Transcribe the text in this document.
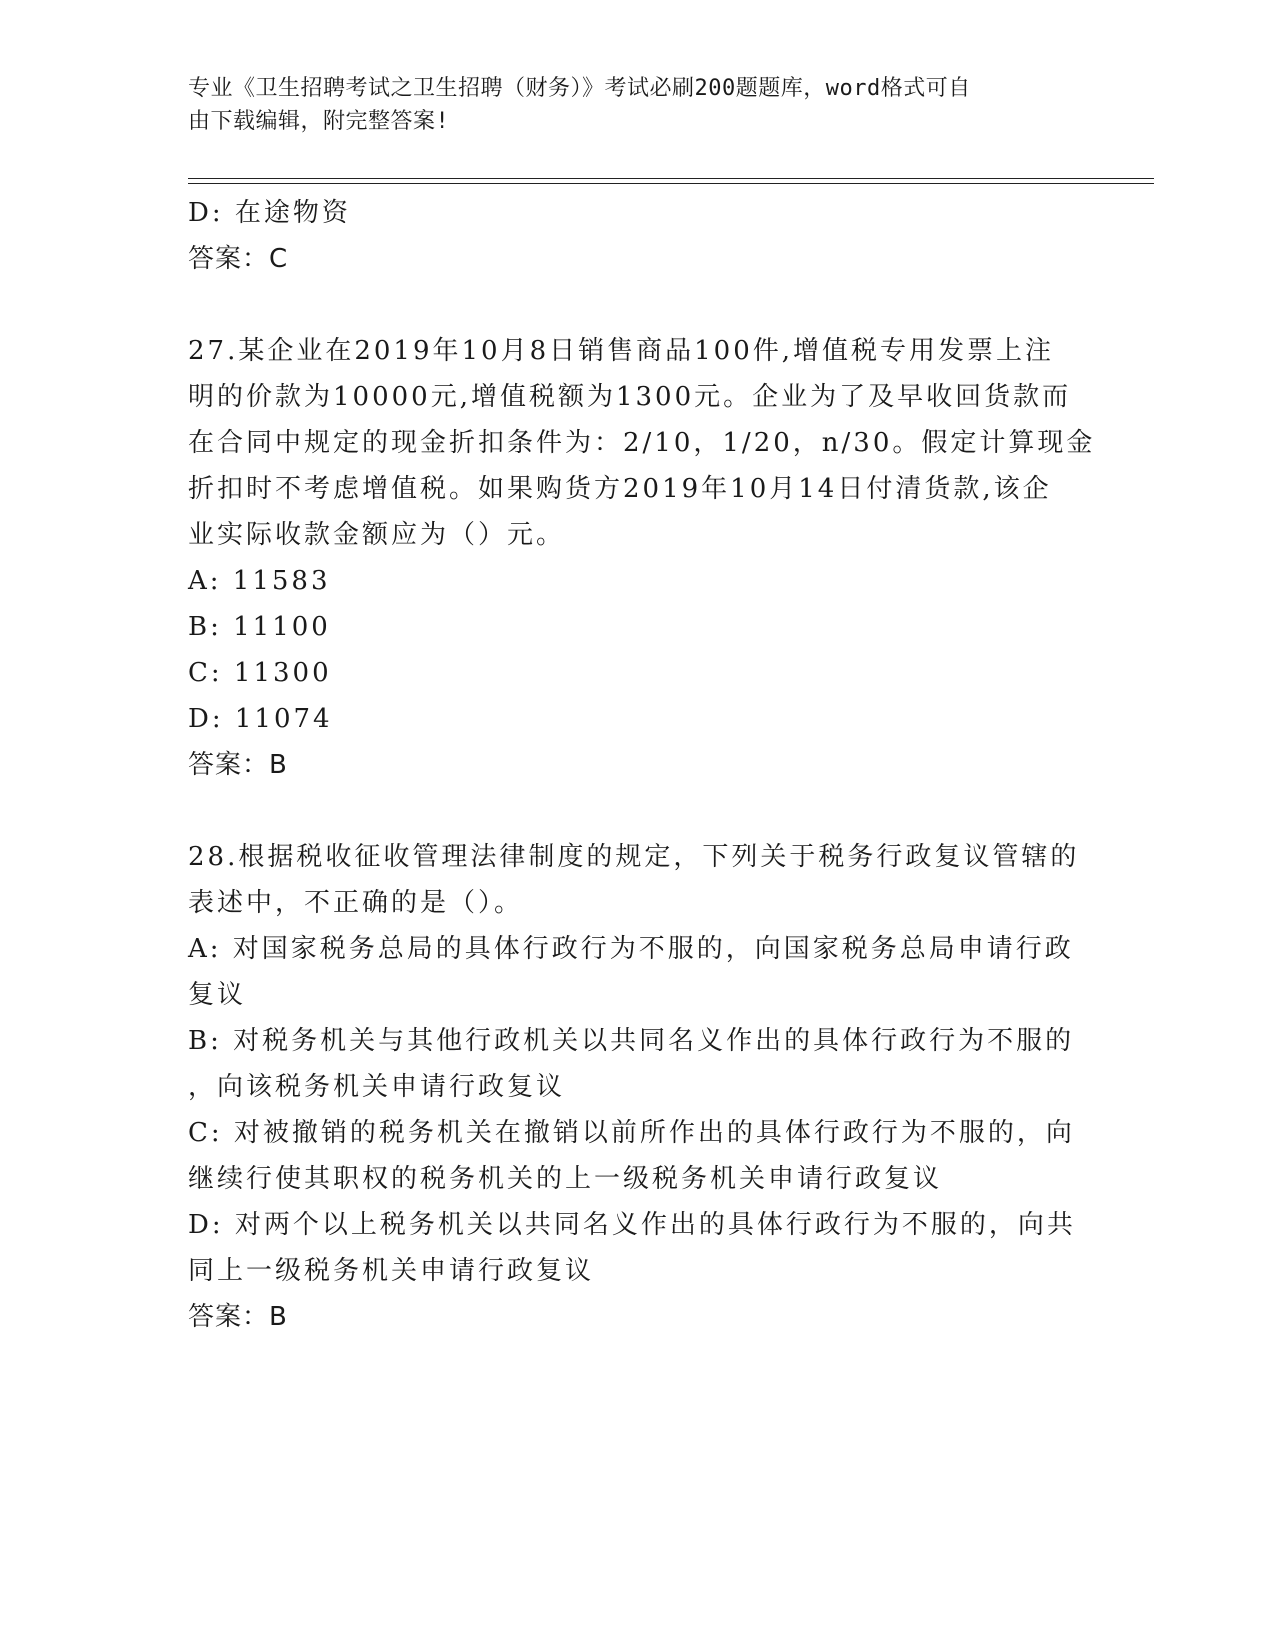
专业《卫生招聘考试之卫生招聘（财务）》考试必刷200题题库，word格式可自
由下载编辑，附完整答案!
D: 在途物资
答案：C
27.某企业在2019年10月8日销售商品100件,增值税专用发票上注
明的价款为10000元,增值税额为1300元。企业为了及早收回货款而
在合同中规定的现金折扣条件为：2/10，1/20，n/30。假定计算现金
折扣时不考虑增值税。如果购货方2019年10月14日付清货款,该企
业实际收款金额应为（）元。
A: 11583
B: 11100
C: 11300
D: 11074
答案：B
28.根据税收征收管理法律制度的规定，下列关于税务行政复议管辖的
表述中，不正确的是（）。
A: 对国家税务总局的具体行政行为不服的，向国家税务总局申请行政
复议
B: 对税务机关与其他行政机关以共同名义作出的具体行政行为不服的
，向该税务机关申请行政复议
C: 对被撤销的税务机关在撤销以前所作出的具体行政行为不服的，向
继续行使其职权的税务机关的上一级税务机关申请行政复议
D: 对两个以上税务机关以共同名义作出的具体行政行为不服的，向共
同上一级税务机关申请行政复议
答案：B
